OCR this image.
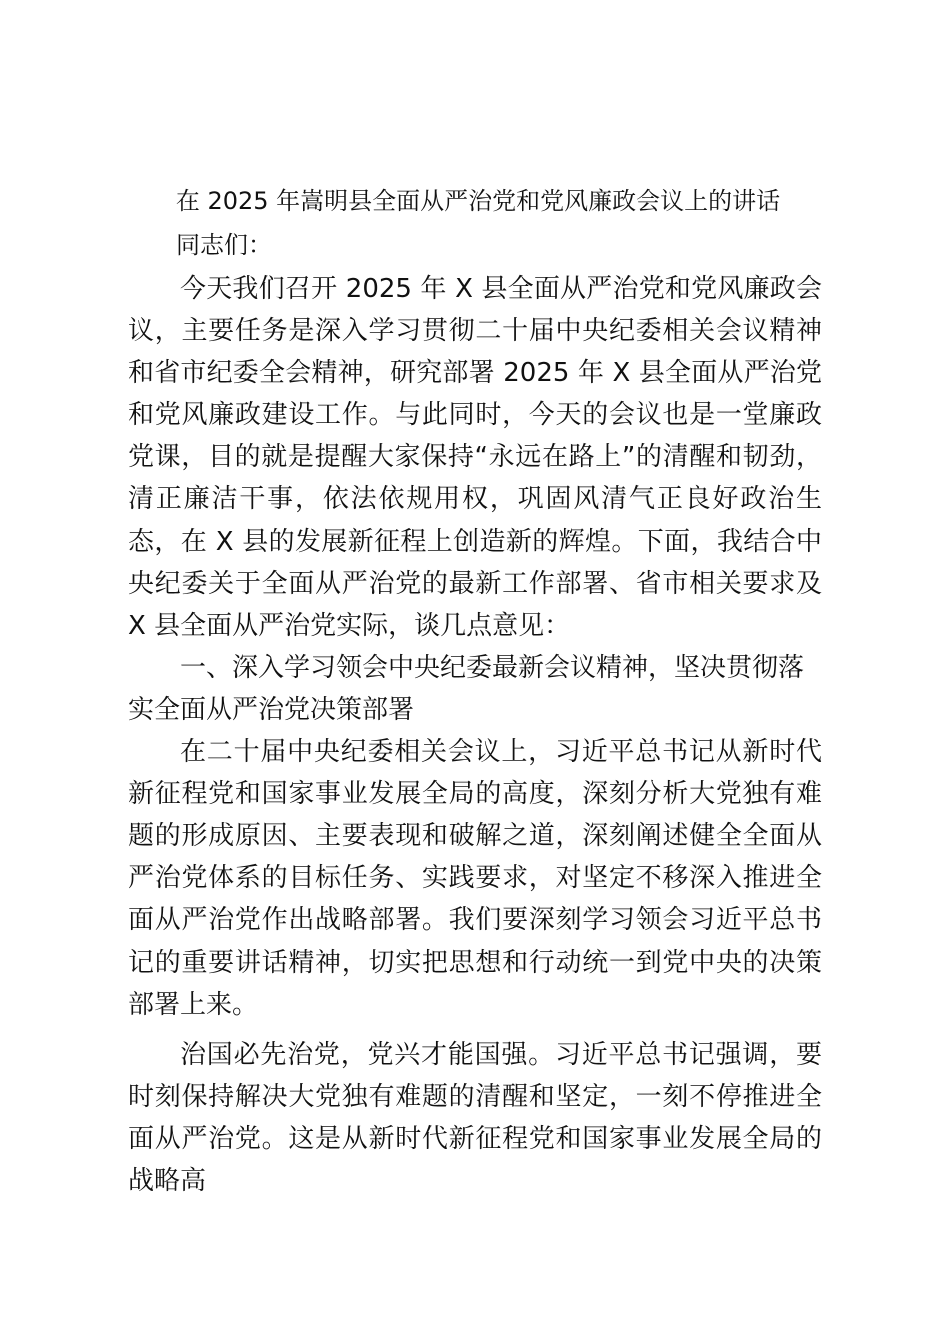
在 2025 年嵩明县全面从严治党和党风廉政会议上的讲话
同志们：

今天我们召开 2025 年 X 县全面从严治党和党风廉政会议，主要任务是深入学习贯彻二十届中央纪委相关会议精神和省市纪委全会精神，研究部署 2025 年 X 县全面从严治党和党风廉政建设工作。与此同时，今天的会议也是一堂廉政党课，目的就是提醒大家保持“永远在路上”的清醒和韧劲，清正廉洁干事，依法依规用权，巩固风清气正良好政治生态，在 X 县的发展新征程上创造新的辉煌。下面，我结合中央纪委关于全面从严治党的最新工作部署、省市相关要求及 X 县全面从严治党实际，谈几点意见：

一、深入学习领会中央纪委最新会议精神，坚决贯彻落实全面从严治党决策部署

在二十届中央纪委相关会议上，习近平总书记从新时代新征程党和国家事业发展全局的高度，深刻分析大党独有难题的形成原因、主要表现和破解之道，深刻阐述健全全面从严治党体系的目标任务、实践要求，对坚定不移深入推进全面从严治党作出战略部署。我们要深刻学习领会习近平总书记的重要讲话精神，切实把思想和行动统一到党中央的决策部署上来。

治国必先治党，党兴才能国强。习近平总书记强调，要时刻保持解决大党独有难题的清醒和坚定，一刻不停推进全面从严治党。这是从新时代新征程党和国家事业发展全局的战略高
